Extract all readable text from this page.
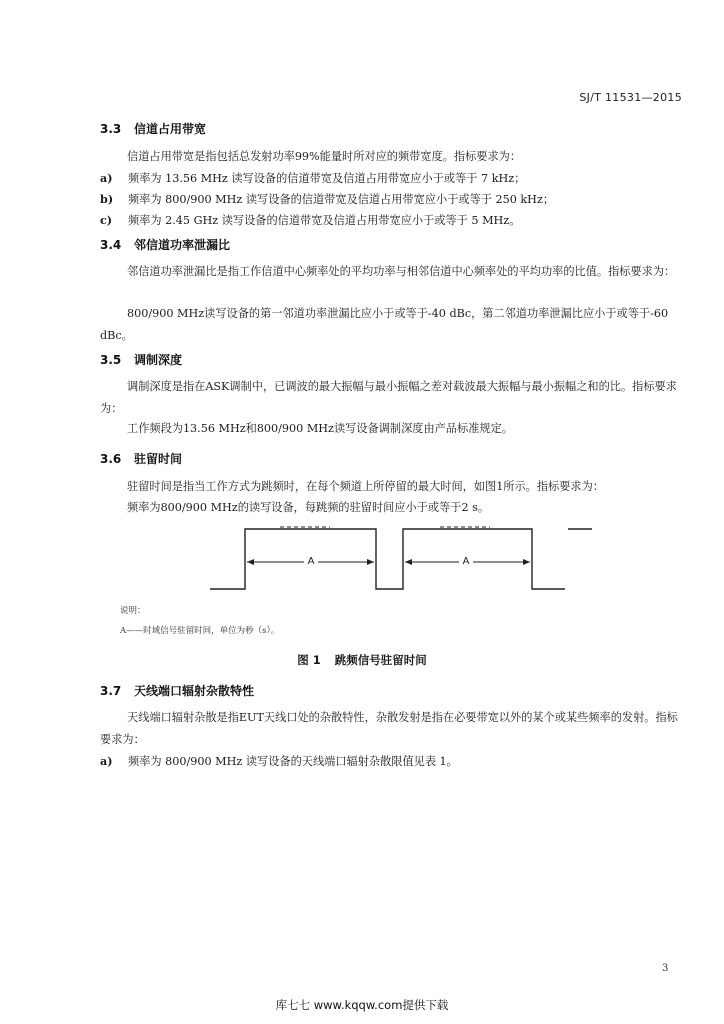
SJ/T 11531—2015
3.3 信道占用带宽
信道占用带宽是指包括总发射功率99%能量时所对应的频带宽度。指标要求为：
a) 频率为 13.56 MHz 读写设备的信道带宽及信道占用带宽应小于或等于 7 kHz；
b) 频率为 800/900 MHz 读写设备的信道带宽及信道占用带宽应小于或等于 250 kHz；
c) 频率为 2.45 GHz 读写设备的信道带宽及信道占用带宽应小于或等于 5 MHz。
3.4 邻信道功率泄漏比
邻信道功率泄漏比是指工作信道中心频率处的平均功率与相邻信道中心频率处的平均功率的比值。指标要求为：
800/900 MHz读写设备的第一邻道功率泄漏比应小于或等于-40 dBc，第二邻道功率泄漏比应小于或等于-60 dBc。
3.5 调制深度
调制深度是指在ASK调制中，已调波的最大振幅与最小振幅之差对载波最大振幅与最小振幅之和的比。指标要求为：
工作频段为13.56 MHz和800/900 MHz读写设备调制深度由产品标准规定。
3.6 驻留时间
驻留时间是指当工作方式为跳频时，在每个频道上所停留的最大时间，如图1所示。指标要求为：
频率为800/900 MHz的读写设备，每跳频的驻留时间应小于或等于2 s。
A	A
说明：
A——时域信号驻留时间，单位为秒（s）。
图 1 跳频信号驻留时间
3.7 天线端口辐射杂散特性
天线端口辐射杂散是指EUT天线口处的杂散特性，杂散发射是指在必要带宽以外的某个或某些频率的发射。指标要求为：
a) 频率为 800/900 MHz 读写设备的天线端口辐射杂散限值见表 1。
3
库七七 www.kqqw.com提供下载
